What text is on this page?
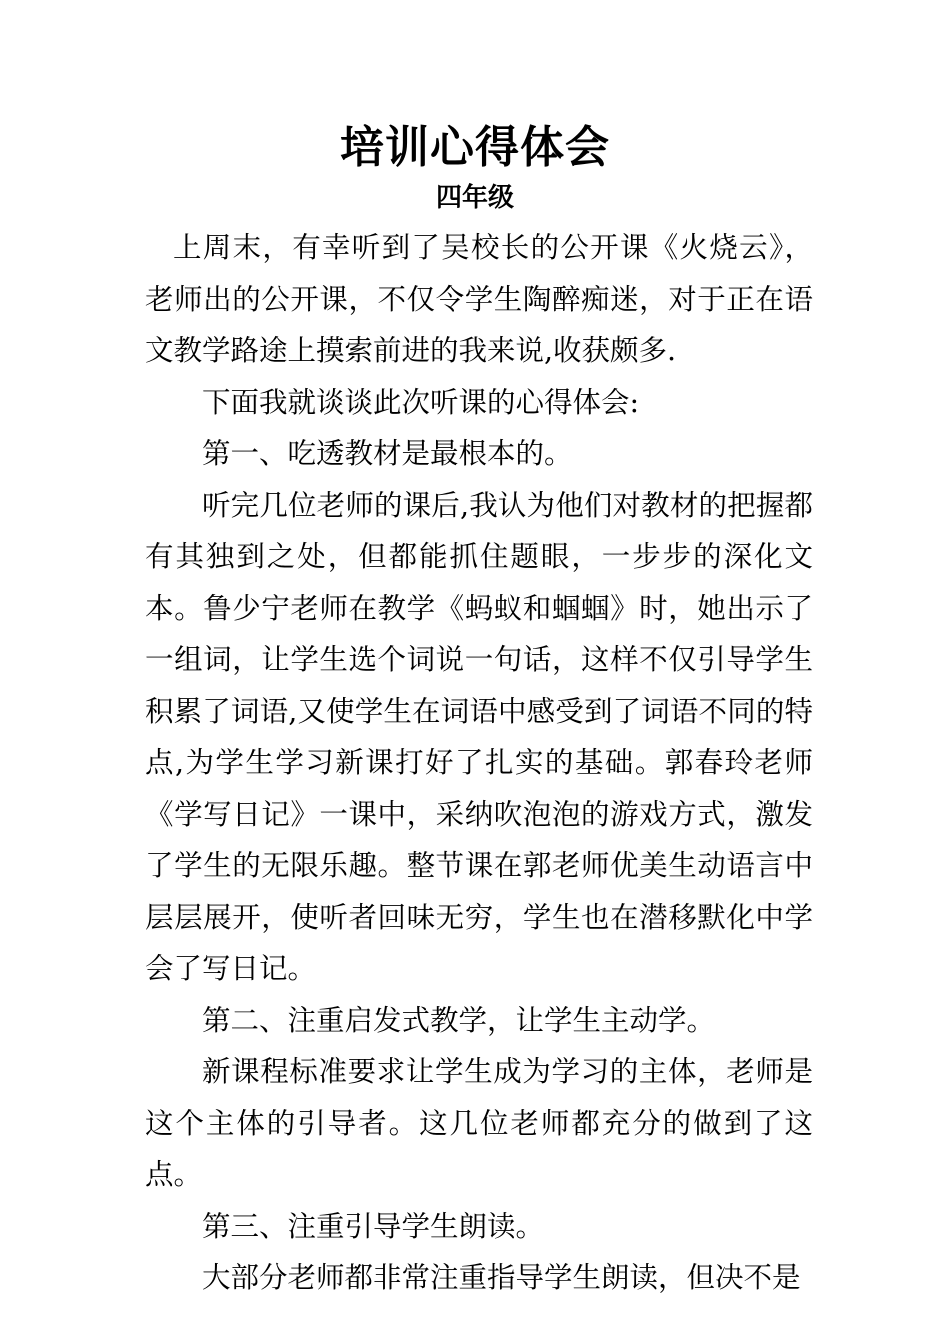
培训心得体会
四年级

上周末，有幸听到了吴校长的公开课《火烧云》，老师出的公开课，不仅令学生陶醉痴迷，对于正在语文教学路途上摸索前进的我来说,收获颇多.

下面我就谈谈此次听课的心得体会:

第一、吃透教材是最根本的。

听完几位老师的课后,我认为他们对教材的把握都有其独到之处，但都能抓住题眼，一步步的深化文本。鲁少宁老师在教学《蚂蚁和蝈蝈》时，她出示了一组词，让学生选个词说一句话，这样不仅引导学生积累了词语,又使学生在词语中感受到了词语不同的特点,为学生学习新课打好了扎实的基础。郭春玲老师《学写日记》一课中，采纳吹泡泡的游戏方式，激发了学生的无限乐趣。整节课在郭老师优美生动语言中层层展开，使听者回味无穷，学生也在潜移默化中学会了写日记。

第二、注重启发式教学，让学生主动学。

新课程标准要求让学生成为学习的主体，老师是这个主体的引导者。这几位老师都充分的做到了这点。

第三、注重引导学生朗读。

大部分老师都非常注重指导学生朗读，但决不是
